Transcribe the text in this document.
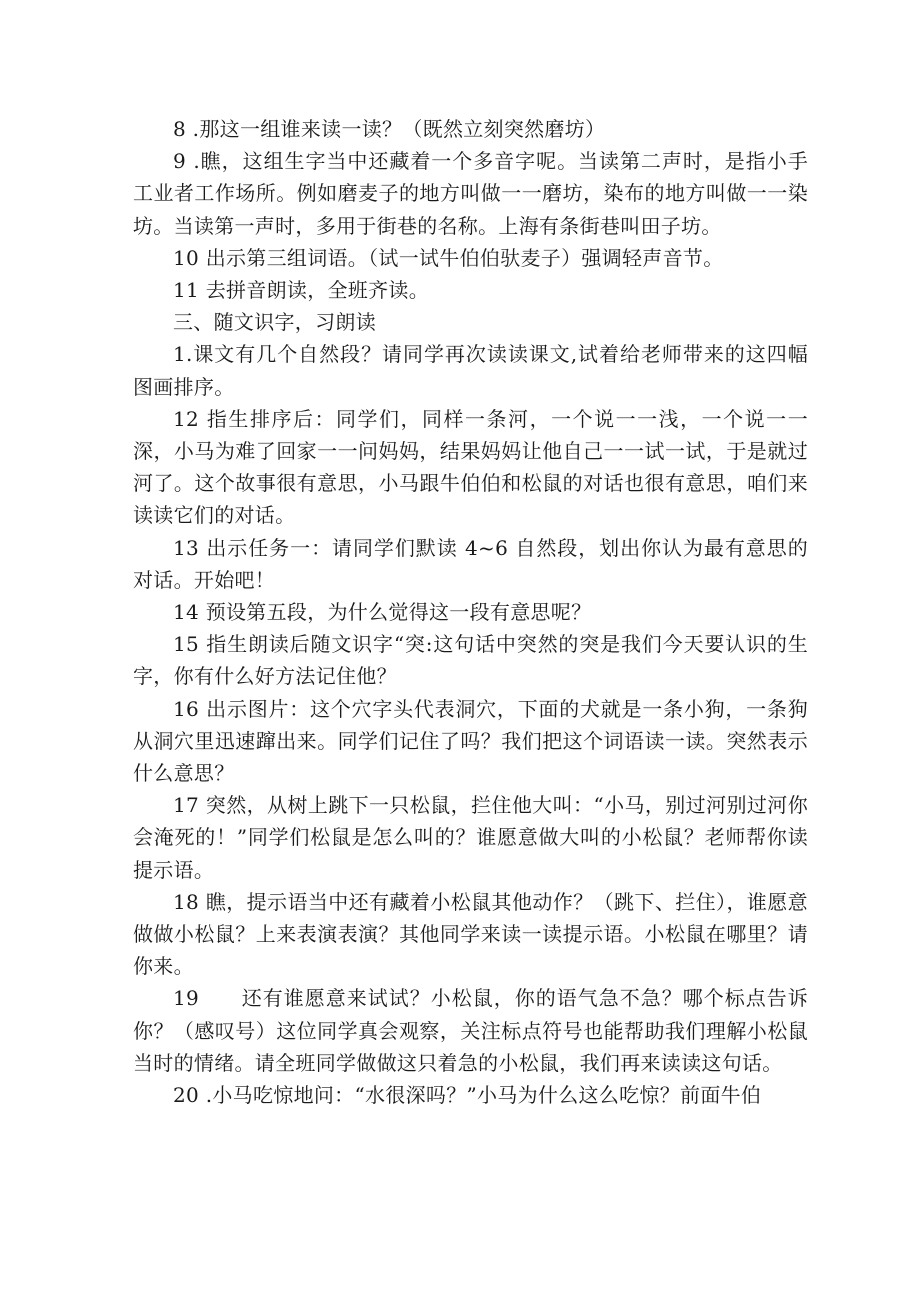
8 .那这一组谁来读一读？（既然立刻突然磨坊）

9 .瞧，这组生字当中还藏着一个多音字呢。当读第二声时，是指小手工业者工作场所。例如磨麦子的地方叫做一一磨坊，染布的地方叫做一一染坊。当读第一声时，多用于街巷的名称。上海有条街巷叫田子坊。

10 出示第三组词语。（试一试牛伯伯驮麦子）强调轻声音节。

11 去拼音朗读，全班齐读。

三、随文识字，习朗读

1.课文有几个自然段？请同学再次读读课文,试着给老师带来的这四幅图画排序。

12 指生排序后：同学们，同样一条河，一个说一一浅，一个说一一深，小马为难了回家一一问妈妈，结果妈妈让他自己一一试一试，于是就过河了。这个故事很有意思，小马跟牛伯伯和松鼠的对话也很有意思，咱们来读读它们的对话。

13 出示任务一：请同学们默读 4~6 自然段，划出你认为最有意思的对话。开始吧！

14 预设第五段，为什么觉得这一段有意思呢？

15 指生朗读后随文识字“突:这句话中突然的突是我们今天要认识的生字，你有什么好方法记住他？

16 出示图片：这个穴字头代表洞穴，下面的犬就是一条小狗，一条狗从洞穴里迅速蹿出来。同学们记住了吗？我们把这个词语读一读。突然表示什么意思？

17 突然，从树上跳下一只松鼠，拦住他大叫：“小马，别过河别过河你会淹死的！”同学们松鼠是怎么叫的？谁愿意做大叫的小松鼠？老师帮你读提示语。

18 瞧，提示语当中还有藏着小松鼠其他动作？（跳下、拦住），谁愿意做做小松鼠？上来表演表演？其他同学来读一读提示语。小松鼠在哪里？请你来。

19　　还有谁愿意来试试？小松鼠，你的语气急不急？哪个标点告诉你？（感叹号）这位同学真会观察，关注标点符号也能帮助我们理解小松鼠当时的情绪。请全班同学做做这只着急的小松鼠，我们再来读读这句话。

20 .小马吃惊地问：“水很深吗？”小马为什么这么吃惊？前面牛伯
